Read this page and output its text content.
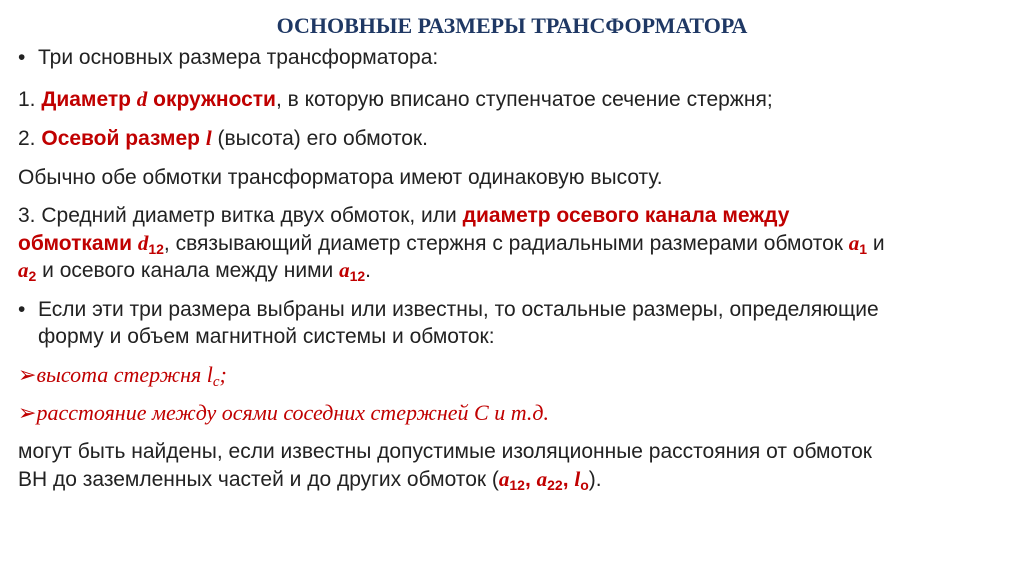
ОСНОВНЫЕ РАЗМЕРЫ ТРАНСФОРМАТОРА
• Три основных размера трансформатора:
1. Диаметр d окружности, в которую вписано ступенчатое сечение стержня;
2. Осевой размер l (высота) его обмоток.
Обычно обе обмотки трансформатора имеют одинаковую высоту.
3. Средний диаметр витка двух обмоток, или диаметр осевого канала между
обмотками $d_{12}$, связывающий диаметр стержня с радиальными размерами обмоток $a_1$ и
$a_2$ и осевого канала между ними $a_{12}$.
• Если эти три размера выбраны или известны, то остальные размеры, определяющие
форму и объем магнитной системы и обмоток:
➢высота стержня $l_c$;
➢расстояние между осями соседних стержней С и т.д.
могут быть найдены, если известны допустимые изоляционные расстояния от обмоток
ВН до заземленных частей и до других обмоток ($a_{12}$, $a_{22}$, $l_o$).
